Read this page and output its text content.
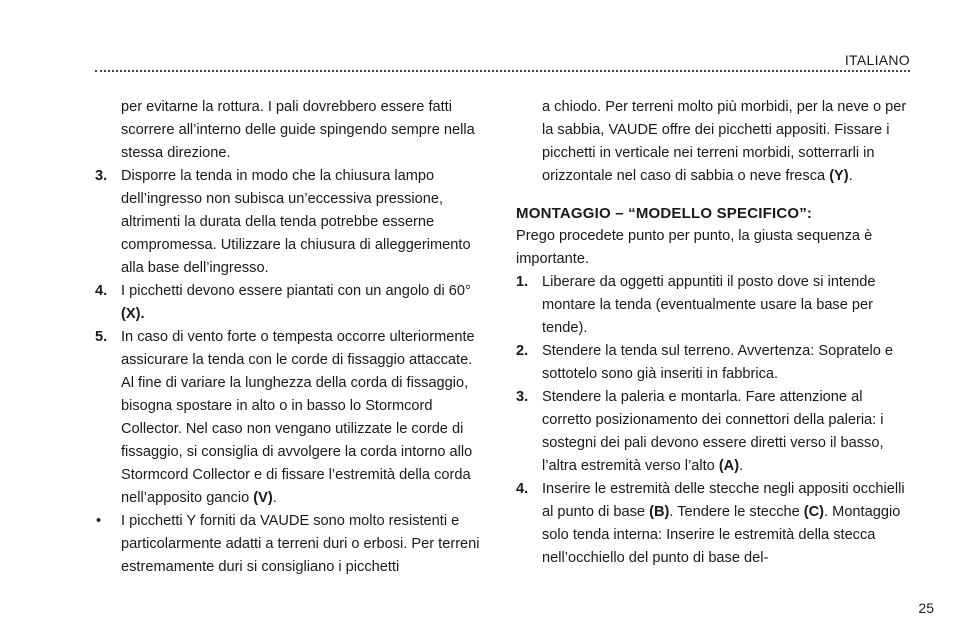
ITALIANO

per evitarne la rottura. I pali dovrebbero essere fatti scorrere all’interno delle guide spingendo sempre nella stessa direzione.

3. Disporre la tenda in modo che la chiusura lampo dell’ingresso non subisca un’eccessiva pressione, altrimenti la durata della tenda potrebbe esserne compromessa. Utilizzare la chiusura di alleggerimento alla base dell’ingresso.
4. I picchetti devono essere piantati con un angolo di 60° (X).
5. In caso di vento forte o tempesta occorre ulteriormente assicurare la tenda con le corde di fissaggio attaccate. Al fine di variare la lunghezza della corda di fissaggio, bisogna spostare in alto o in basso lo Stormcord Collector. Nel caso non vengano utilizzate le corde di fissaggio, si consiglia di avvolgere la corda intorno allo Stormcord Collector e di fissare l’estremità della corda nell’apposito gancio (V).
• I picchetti Y forniti da VAUDE sono molto resistenti e particolarmente adatti a terreni duri o erbosi. Per terreni estremamente duri si consigliano i picchetti

a chiodo. Per terreni molto più morbidi, per la neve o per la sabbia, VAUDE offre dei picchetti appositi. Fissare i picchetti in verticale nei terreni morbidi, sotterrarli in orizzontale nel caso di sabbia o neve fresca (Y).

MONTAGGIO – “MODELLO SPECIFICO”:

Prego procedete punto per punto, la giusta sequenza è importante.

1. Liberare da oggetti appuntiti il posto dove si intende montare la tenda (eventualmente usare la base per tende).
2. Stendere la tenda sul terreno. Avvertenza: Sopratelo e sottotelo sono già inseriti in fabbrica.
3. Stendere la paleria e montarla. Fare attenzione al corretto posizionamento dei connettori della paleria: i sostegni dei pali devono essere diretti verso il basso, l’altra estremità verso l’alto (A).
4. Inserire le estremità delle stecche negli appositi occhielli al punto di base (B). Tendere le stecche (C). Montaggio solo tenda interna: Inserire le estremità della stecca nell’occhiello del punto di base del-
25
